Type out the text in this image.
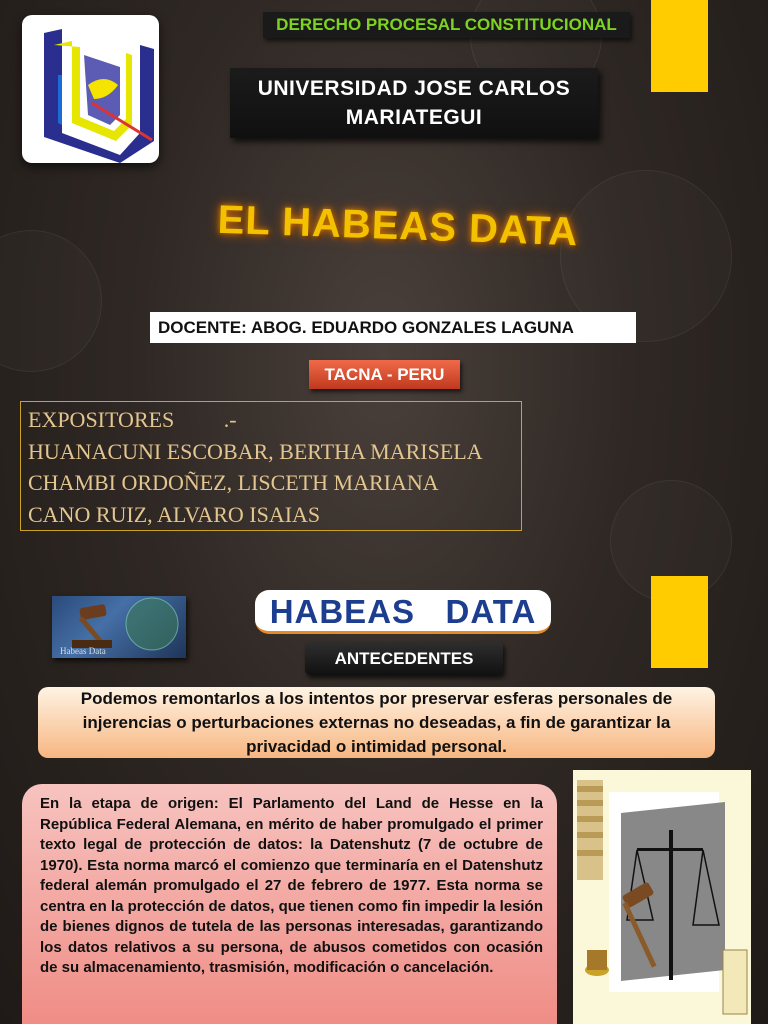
DERECHO PROCESAL CONSTITUCIONAL
UNIVERSIDAD JOSE CARLOS
MARIATEGUI
EL HABEAS DATA
DOCENTE: ABOG. EDUARDO GONZALES LAGUNA
TACNA - PERU
EXPOSITORES         .-
HUANACUNI ESCOBAR, BERTHA MARISELA
CHAMBI ORDOÑEZ, LISCETH MARIANA
CANO RUIZ, ALVARO ISAIAS
Habeas Data
HABEAS   DATA
ANTECEDENTES
Podemos remontarlos a los intentos por preservar esferas personales de injerencias o perturbaciones externas no deseadas, a fin de garantizar la privacidad o intimidad personal.
En la etapa de origen: El Parlamento del Land de Hesse en la República Federal Alemana, en mérito de haber promulgado el primer texto legal de protección de datos: la Datenshutz (7 de octubre de 1970). Esta norma marcó el comienzo que terminaría en el Datenshutz federal alemán promulgado el 27 de febrero de 1977. Esta norma se centra en la protección de datos, que tienen como fin impedir la lesión de bienes dignos de tutela de las personas interesadas, garantizando los datos relativos a su persona, de abusos cometidos con ocasión de su almacenamiento, trasmisión, modificación o cancelación.
